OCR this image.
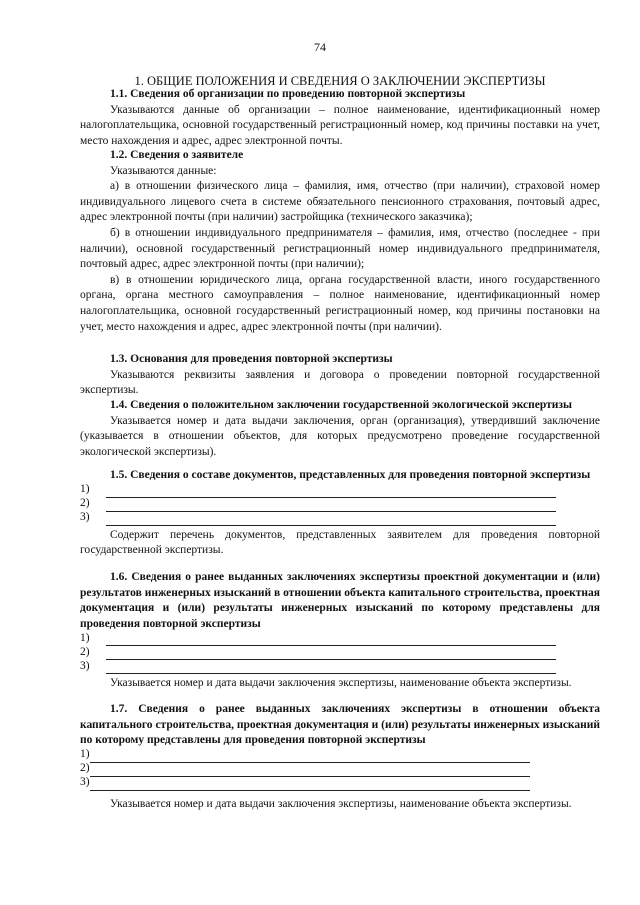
74
1. ОБЩИЕ ПОЛОЖЕНИЯ И СВЕДЕНИЯ О ЗАКЛЮЧЕНИИ ЭКСПЕРТИЗЫ

1.1. Сведения об организации по проведению повторной экспертизы

Указываются данные об организации – полное наименование, идентификационный номер налогоплательщика, основной государственный регистрационный номер, код причины поставки на учет, место нахождения и адрес, адрес электронной почты.

1.2. Сведения о заявителе

Указываются данные:

а) в отношении физического лица – фамилия, имя, отчество (при наличии), страховой номер индивидуального лицевого счета в системе обязательного пенсионного страхования, почтовый адрес, адрес электронной почты (при наличии) застройщика (технического заказчика);

б) в отношении индивидуального предпринимателя – фамилия, имя, отчество (последнее - при наличии), основной государственный регистрационный номер индивидуального предпринимателя, почтовый адрес, адрес электронной почты (при наличии);

в) в отношении юридического лица, органа государственной власти, иного государственного органа, органа местного самоуправления – полное наименование, идентификационный номер налогоплательщика, основной государственный регистрационный номер, код причины постановки на учет, место нахождения и адрес, адрес электронной почты (при наличии).

1.3. Основания для проведения повторной экспертизы

Указываются реквизиты заявления и договора о проведении повторной государственной экспертизы.

1.4. Сведения о положительном заключении государственной экологической экспертизы

Указывается номер и дата выдачи заключения, орган (организация), утвердивший заключение (указывается в отношении объектов, для которых предусмотрено проведение государственной экологической экспертизы).

1.5. Сведения о составе документов, представленных для проведения повторной экспертизы

1)
2)
3)

Содержит перечень документов, представленных заявителем для проведения повторной государственной экспертизы.

1.6. Сведения о ранее выданных заключениях экспертизы проектной документации и (или) результатов инженерных изысканий в отношении объекта капитального строительства, проектная документация и (или) результаты инженерных изысканий по которому представлены для проведения повторной экспертизы

1)
2)
3)

Указывается номер и дата выдачи заключения экспертизы, наименование объекта экспертизы.

1.7. Сведения о ранее выданных заключениях экспертизы в отношении объекта капитального строительства, проектная документация и (или) результаты инженерных изысканий по которому представлены для проведения повторной экспертизы

1)
2)
3)

Указывается номер и дата выдачи заключения экспертизы, наименование объекта экспертизы.
